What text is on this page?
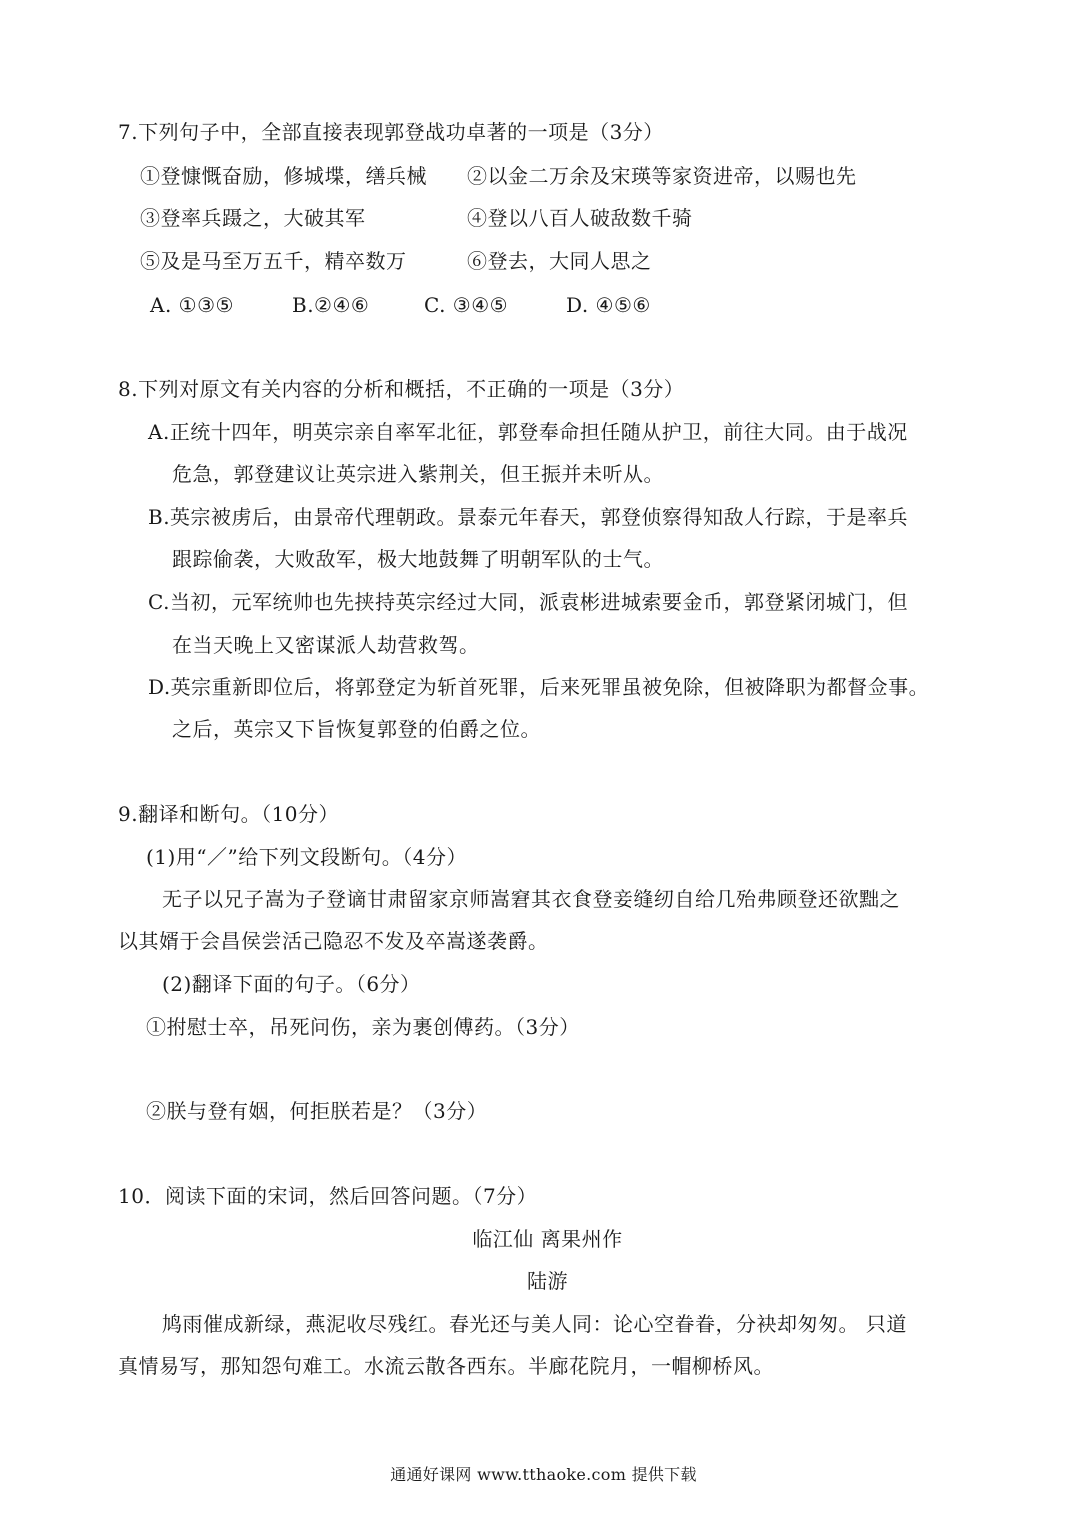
7.下列句子中，全部直接表现郭登战功卓著的一项是（3分）
①登慷慨奋励，修城堞，缮兵械 ②以金二万余及宋瑛等家资进帝，以赐也先
③登率兵蹑之，大破其军	④登以八百人破敌数千骑
⑤及是马至万五千，精卒数万	⑥登去，大同人思之
A. ①③⑤	B.②④⑥	C. ③④⑤	D. ④⑤⑥
8.下列对原文有关内容的分析和概括，不正确的一项是（3分）
A.正统十四年，明英宗亲自率军北征，郭登奉命担任随从护卫，前往大同。由于战况
危急，郭登建议让英宗进入紫荆关，但王振并未听从。
B.英宗被虏后，由景帝代理朝政。景泰元年春天，郭登侦察得知敌人行踪，于是率兵
跟踪偷袭，大败敌军，极大地鼓舞了明朝军队的士气。
C.当初，元军统帅也先挟持英宗经过大同，派袁彬进城索要金币，郭登紧闭城门，但
在当天晚上又密谋派人劫营救驾。
D.英宗重新即位后，将郭登定为斩首死罪，后来死罪虽被免除，但被降职为都督佥事。
之后，英宗又下旨恢复郭登的伯爵之位。
9.翻译和断句。（10分）
(1)用“／”给下列文段断句。（4分）
无子以兄子嵩为子登谪甘肃留家京师嵩窘其衣食登妾缝纫自给几殆弗顾登还欲黜之
以其婿于会昌侯尝活己隐忍不发及卒嵩遂袭爵。
(2)翻译下面的句子。（6分）
①拊慰士卒，吊死问伤，亲为裹创傅药。（3分）
②朕与登有姻，何拒朕若是？（3分）
10．阅读下面的宋词，然后回答问题。（7分）
临江仙 离果州作
陆游
鸠雨催成新绿，燕泥收尽残红。春光还与美人同：论心空眷眷，分袂却匆匆。 只道
真情易写，那知怨句难工。水流云散各西东。半廊花院月，一帽柳桥风。
通通好课网 www.tthaoke.com 提供下载
